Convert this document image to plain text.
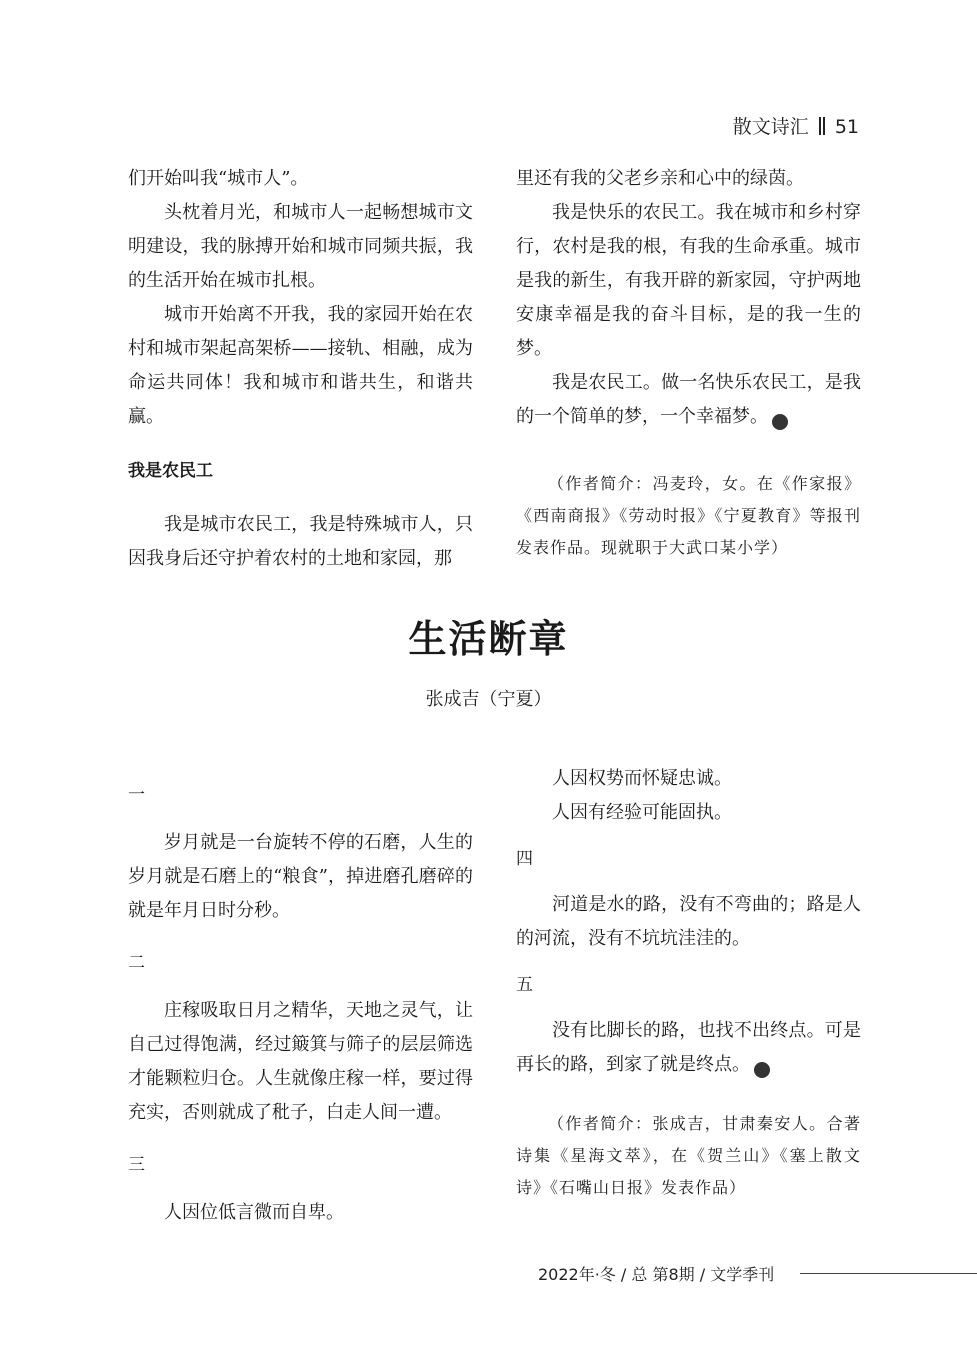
散文诗汇 51

们开始叫我“城市人”。

头枕着月光，和城市人一起畅想城市文明建设，我的脉搏开始和城市同频共振，我的生活开始在城市扎根。

城市开始离不开我，我的家园开始在农村和城市架起高架桥——接轨、相融，成为命运共同体！我和城市和谐共生，和谐共赢。

我是农民工

我是城市农民工，我是特殊城市人，只因我身后还守护着农村的土地和家园，那

里还有我的父老乡亲和心中的绿茵。

我是快乐的农民工。我在城市和乡村穿行，农村是我的根，有我的生命承重。城市是我的新生，有我开辟的新家园，守护两地安康幸福是我的奋斗目标，是的我一生的梦。

我是农民工。做一名快乐农民工，是我的一个简单的梦，一个幸福梦。	⊛

（作者简介：冯麦玲，女。在《作家报》《西南商报》《劳动时报》《宁夏教育》等报刊发表作品。现就职于大武口某小学）

生活断章
张成吉（宁夏）

一

岁月就是一台旋转不停的石磨，人生的岁月就是石磨上的“粮食”，掉进磨孔磨碎的就是年月日时分秒。

二

庄稼吸取日月之精华，天地之灵气，让自己过得饱满，经过簸箕与筛子的层层筛选才能颗粒归仓。人生就像庄稼一样，要过得充实，否则就成了秕子，白走人间一遭。

三

人因位低言微而自卑。

人因权势而怀疑忠诚。

人因有经验可能固执。

四

河道是水的路，没有不弯曲的；路是人的河流，没有不坑坑洼洼的。

五

没有比脚长的路，也找不出终点。可是再长的路，到家了就是终点。	⊛

（作者简介：张成吉，甘肃秦安人。合著诗集《星海文萃》，在《贺兰山》《塞上散文诗》《石嘴山日报》发表作品）

2022年·冬 / 总 第8期 / 文学季刊
